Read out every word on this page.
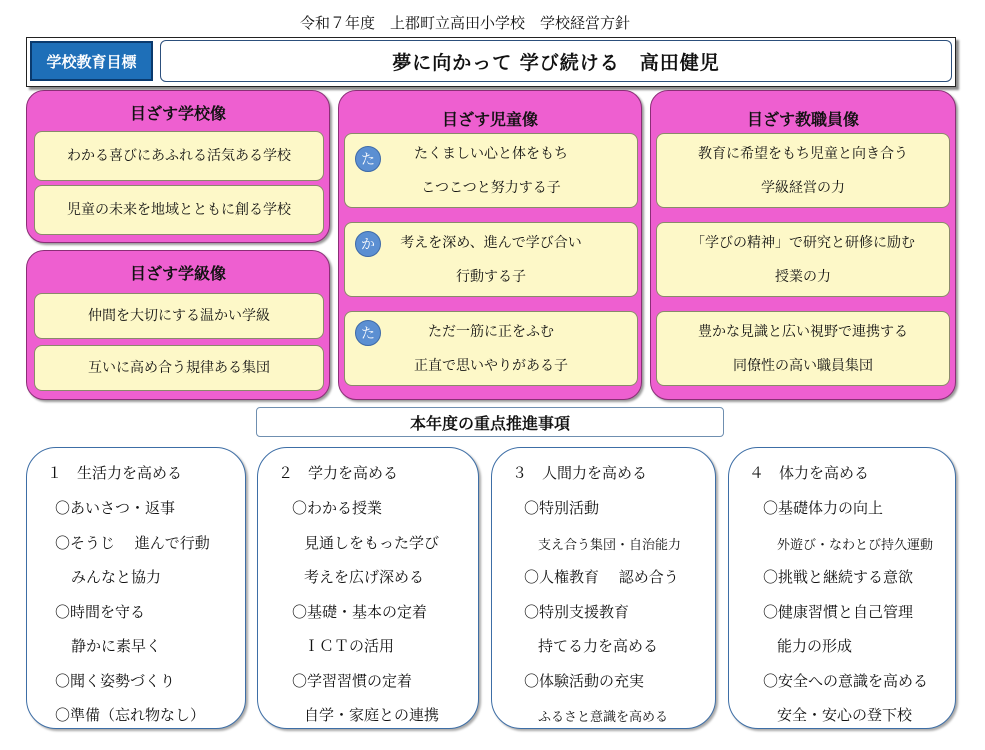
令和７年度　上郡町立高田小学校　学校経営方針
学校教育目標	夢に向かって 学び続ける　高田健児
目ざす学校像
わかる喜びにあふれる活気ある学校
児童の未来を地域とともに創る学校
目ざす学級像
仲間を大切にする温かい学級
互いに高め合う規律ある集団
目ざす児童像
たくましい心と体をもち
こつこつと努力する子
た
考えを深め、進んで学び合い
行動する子
か
ただ一筋に正をふむ
正直で思いやりがある子
た
目ざす教職員像
教育に希望をもち児童と向き合う
学級経営の力
「学びの精神」で研究と研修に励む
授業の力
豊かな見識と広い視野で連携する
同僚性の高い職員集団
本年度の重点推進事項
１　生活力を高める
〇あいさつ・返事
〇そうじ　 進んで行動
みんなと協力
〇時間を守る
静かに素早く
〇聞く姿勢づくり
〇準備（忘れ物なし）
２　学力を高める
〇わかる授業
見通しをもった学び
考えを広げ深める
〇基礎・基本の定着
ＩＣＴの活用
〇学習習慣の定着
自学・家庭との連携
３　人間力を高める
〇特別活動
支え合う集団・自治能力
〇人権教育　 認め合う
〇特別支援教育
持てる力を高める
〇体験活動の充実
ふるさと意識を高める
４　体力を高める
〇基礎体力の向上
外遊び・なわとび持久運動
〇挑戦と継続する意欲
〇健康習慣と自己管理
能力の形成
〇安全への意識を高める
安全・安心の登下校
